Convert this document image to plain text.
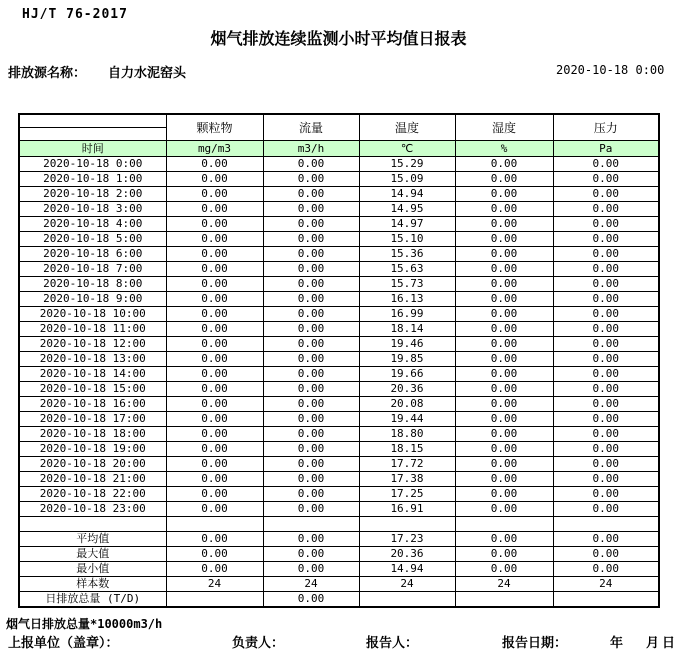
HJ/T 76-2017
烟气排放连续监测小时平均值日报表
排放源名称： 自力水泥窑头	2020-10-18 0:00
	颗粒物	流量	温度	湿度	压力

时间	mg/m3	m3/h	℃	%	Pa
2020-10-18 0:00	0.00	0.00	15.29	0.00	0.00
2020-10-18 1:00	0.00	0.00	15.09	0.00	0.00
2020-10-18 2:00	0.00	0.00	14.94	0.00	0.00
2020-10-18 3:00	0.00	0.00	14.95	0.00	0.00
2020-10-18 4:00	0.00	0.00	14.97	0.00	0.00
2020-10-18 5:00	0.00	0.00	15.10	0.00	0.00
2020-10-18 6:00	0.00	0.00	15.36	0.00	0.00
2020-10-18 7:00	0.00	0.00	15.63	0.00	0.00
2020-10-18 8:00	0.00	0.00	15.73	0.00	0.00
2020-10-18 9:00	0.00	0.00	16.13	0.00	0.00
2020-10-18 10:00	0.00	0.00	16.99	0.00	0.00
2020-10-18 11:00	0.00	0.00	18.14	0.00	0.00
2020-10-18 12:00	0.00	0.00	19.46	0.00	0.00
2020-10-18 13:00	0.00	0.00	19.85	0.00	0.00
2020-10-18 14:00	0.00	0.00	19.66	0.00	0.00
2020-10-18 15:00	0.00	0.00	20.36	0.00	0.00
2020-10-18 16:00	0.00	0.00	20.08	0.00	0.00
2020-10-18 17:00	0.00	0.00	19.44	0.00	0.00
2020-10-18 18:00	0.00	0.00	18.80	0.00	0.00
2020-10-18 19:00	0.00	0.00	18.15	0.00	0.00
2020-10-18 20:00	0.00	0.00	17.72	0.00	0.00
2020-10-18 21:00	0.00	0.00	17.38	0.00	0.00
2020-10-18 22:00	0.00	0.00	17.25	0.00	0.00
2020-10-18 23:00	0.00	0.00	16.91	0.00	0.00

平均值	0.00	0.00	17.23	0.00	0.00
最大值	0.00	0.00	20.36	0.00	0.00
最小值	0.00	0.00	14.94	0.00	0.00
样本数	24	24	24	24	24
日排放总量 (T/D)		0.00			
烟气日排放总量*10000m3/h
上报单位（盖章）：	负责人：	报告人：	报告日期：	年 月 日
